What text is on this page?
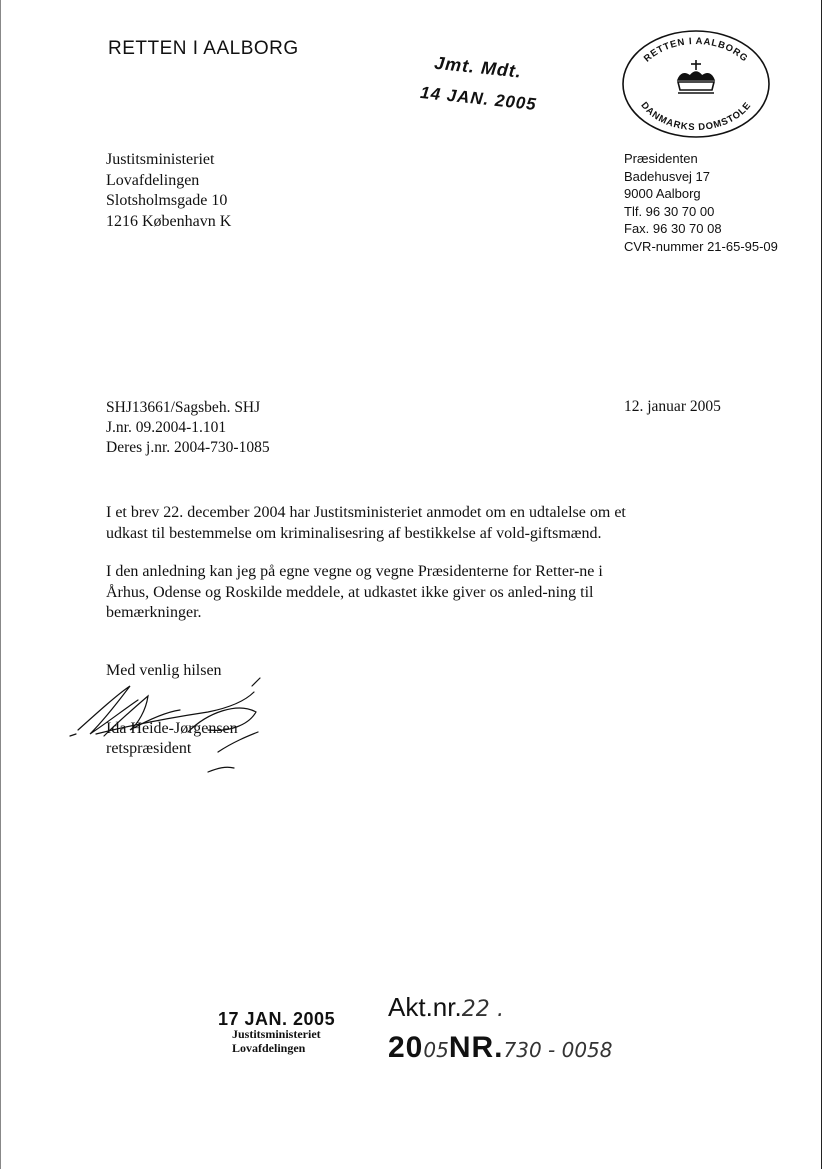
RETTEN I AALBORG
Jmt. Mdt.
14 JAN. 2005
RETTEN I AALBORG
DANMARKS DOMSTOLE
Justitsministeriet
Lovafdelingen
Slotsholmsgade 10
1216 København K
Præsidenten
Badehusvej 17
9000 Aalborg
Tlf. 96 30 70 00
Fax. 96 30 70 08
CVR-nummer 21-65-95-09
SHJ13661/Sagsbeh. SHJ
J.nr. 09.2004-1.101
Deres j.nr. 2004-730-1085
12. januar 2005

I et brev 22. december 2004 har Justitsministeriet anmodet om en udtalelse om et udkast til bestemmelse om kriminalisesring af bestikkelse af vold-giftsmænd.

I den anledning kan jeg på egne vegne og vegne Præsidenterne for Retter-ne i Århus, Odense og Roskilde meddele, at udkastet ikke giver os anled-ning til bemærkninger.

Med venlig hilsen
Ida Heide-Jørgensen
retspræsident
17 JAN. 2005
Justitsministeriet
Lovafdelingen
Akt.nr.22 .
2005NR.730 - 0058
